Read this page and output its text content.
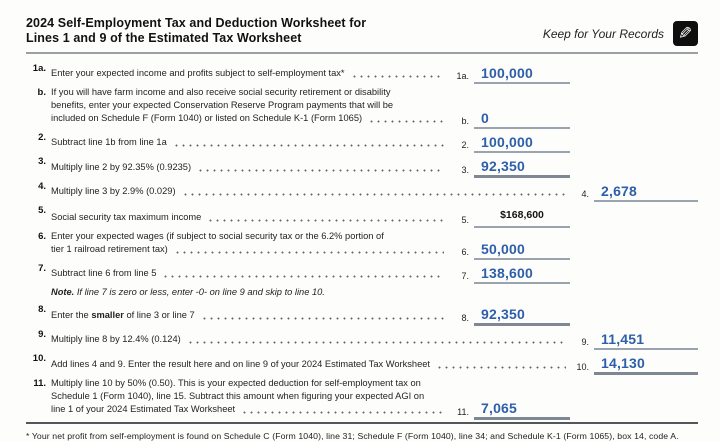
2024 Self-Employment Tax and Deduction Worksheet for
Lines 1 and 9 of the Estimated Tax Worksheet	Keep for Your Records ✎
1a. Enter your expected income and profits subject to self-employment tax*	1a. 100,000
b. If you will have farm income and also receive social security retirement or disability
benefits, enter your expected Conservation Reserve Program payments that will be
included on Schedule F (Form 1040) or listed on Schedule K-1 (Form 1065)	b. 0
2. Subtract line 1b from line 1a	2. 100,000
3. Multiply line 2 by 92.35% (0.9235)	3. 92,350
4. Multiply line 3 by 2.9% (0.029)	4. 2,678
5.
Social security tax maximum income	5.	$168,600
6. Enter your expected wages (if subject to social security tax or the 6.2% portion of
tier 1 railroad retirement tax)	6. 50,000
7. Subtract line 6 from line 5	7. 138,600
Note. If line 7 is zero or less, enter -0- on line 9 and skip to line 10.
8. Enter the smaller of line 3 or line 7	8. 92,350
9. Multiply line 8 by 12.4% (0.124)	9. 11,451
10. Add lines 4 and 9. Enter the result here and on line 9 of your 2024 Estimated Tax Worksheet	10. 14,130
11. Multiply line 10 by 50% (0.50). This is your expected deduction for self-employment tax on
Schedule 1 (Form 1040), line 15. Subtract this amount when figuring your expected AGI on
line 1 of your 2024 Estimated Tax Worksheet	11. 7,065
* Your net profit from self-employment is found on Schedule C (Form 1040), line 31; Schedule F (Form 1040), line 34; and Schedule K-1 (Form 1065), box 14, code A.
